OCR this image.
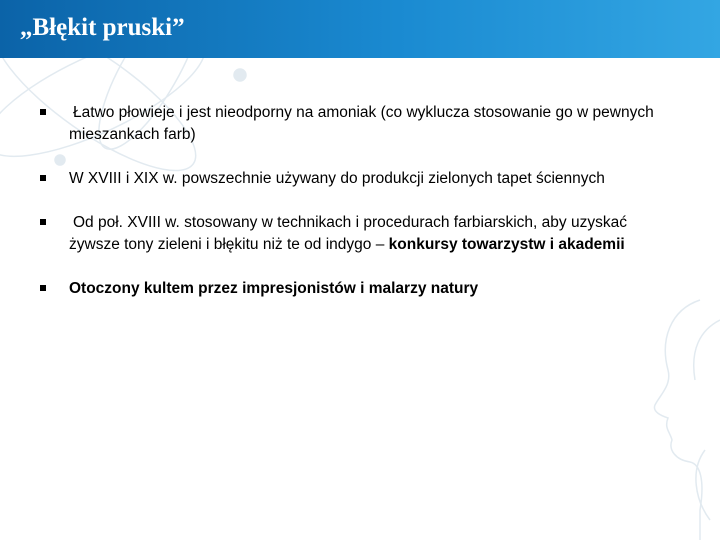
„Błękit pruski”
Łatwo płowieje i jest nieodporny na amoniak (co wyklucza stosowanie go w pewnych mieszankach farb)
W XVIII i XIX w. powszechnie używany do produkcji zielonych tapet ściennych
Od poł. XVIII w. stosowany w technikach i procedurach farbiarskich, aby uzyskać żywsze tony zieleni i błękitu niż te od indygo – konkursy towarzystw i akademii
Otoczony kultem przez impresjonistów i malarzy natury
